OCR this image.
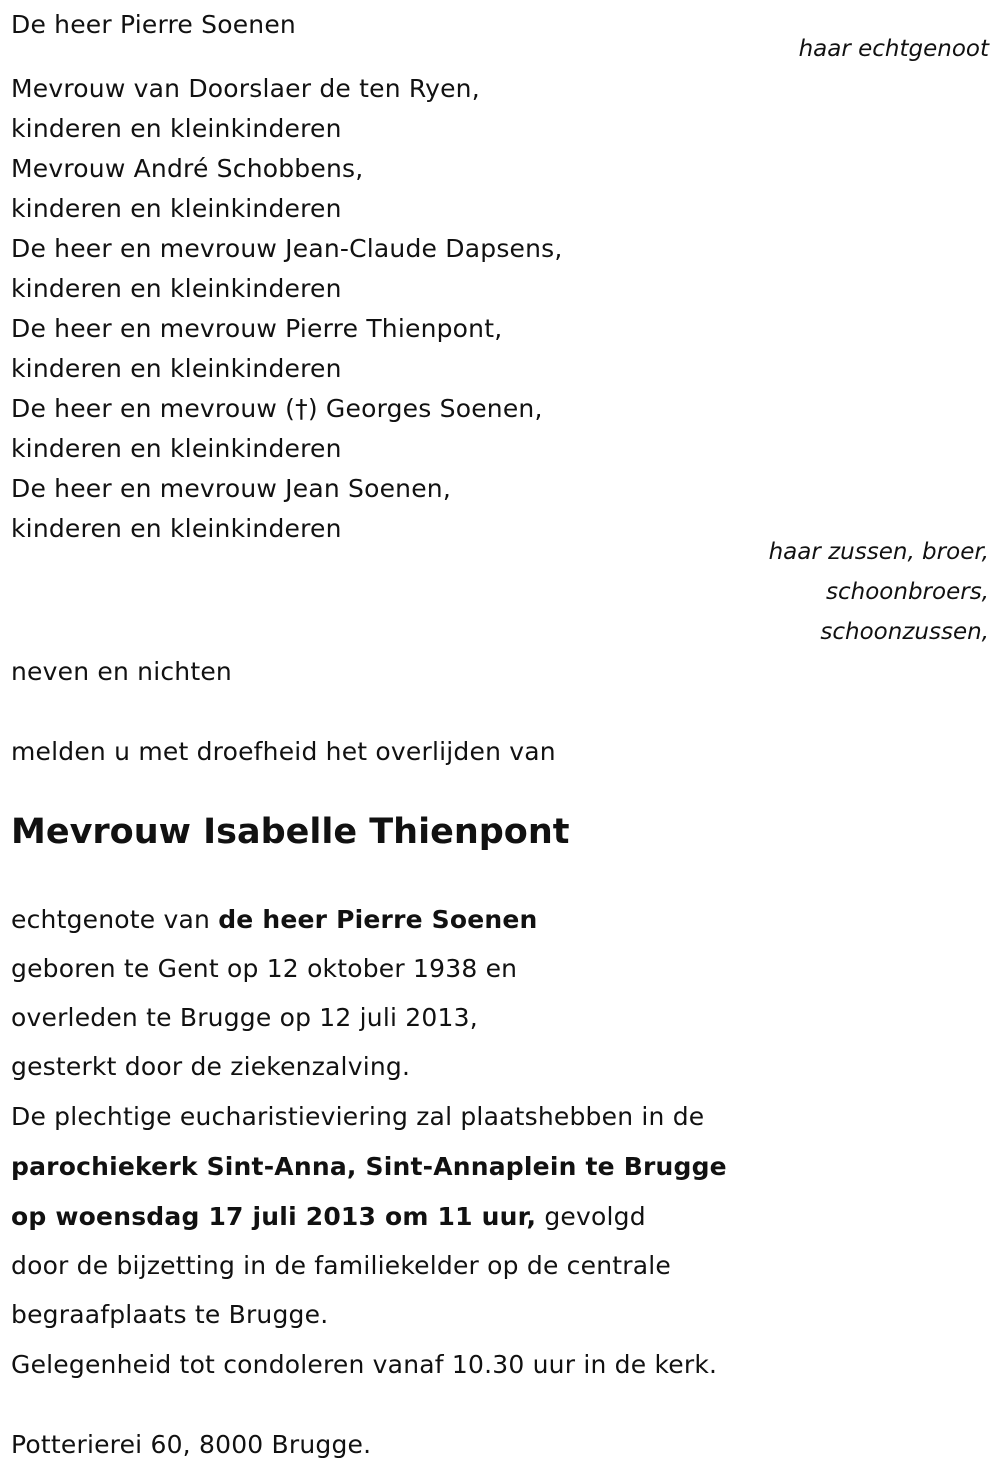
De heer Pierre Soenen
haar echtgenoot
Mevrouw van Doorslaer de ten Ryen,
kinderen en kleinkinderen
Mevrouw André Schobbens,
kinderen en kleinkinderen
De heer en mevrouw Jean-Claude Dapsens,
kinderen en kleinkinderen
De heer en mevrouw Pierre Thienpont,
kinderen en kleinkinderen
De heer en mevrouw (†) Georges Soenen,
kinderen en kleinkinderen
De heer en mevrouw Jean Soenen,
kinderen en kleinkinderen
haar zussen, broer,
schoonbroers,
schoonzussen,
neven en nichten
melden u met droefheid het overlijden van
Mevrouw Isabelle Thienpont
echtgenote van de heer Pierre Soenen
geboren te Gent op 12 oktober 1938 en
overleden te Brugge op 12 juli 2013,
gesterkt door de ziekenzalving.
De plechtige eucharistieviering zal plaatshebben in de
parochiekerk Sint-Anna, Sint-Annaplein te Brugge
op woensdag 17 juli 2013 om 11 uur, gevolgd
door de bijzetting in de familiekelder op de centrale
begraafplaats te Brugge.
Gelegenheid tot condoleren vanaf 10.30 uur in de kerk.
Potterierei 60, 8000 Brugge.
